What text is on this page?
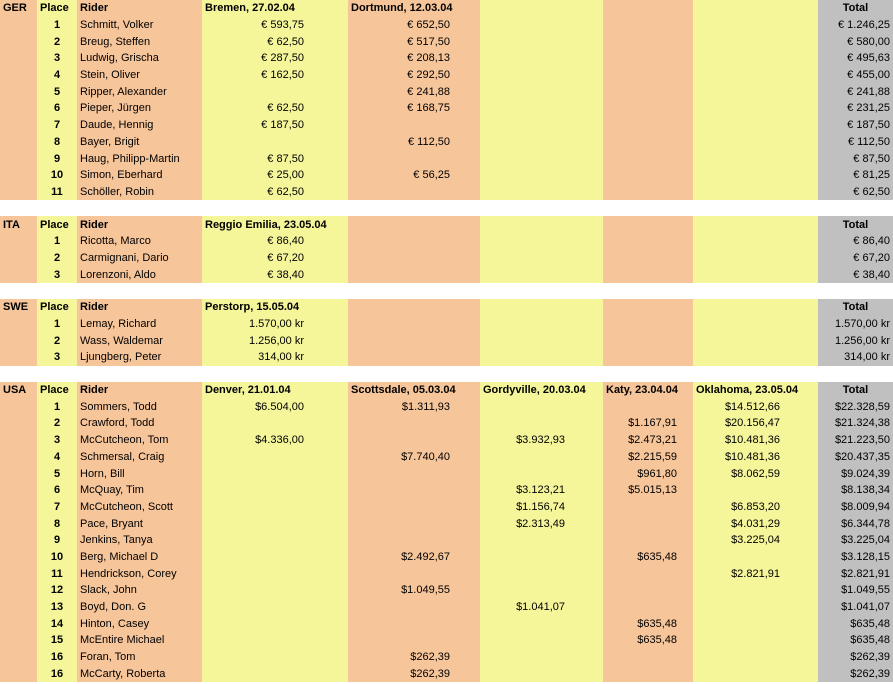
GER	Place	Rider	Bremen, 27.02.04	Dortmund, 12.03.04				Total
	1	Schmitt, Volker	€ 593,75	€ 652,50				€ 1.246,25
	2	Breug, Steffen	€ 62,50	€ 517,50				€ 580,00
	3	Ludwig, Grischa	€ 287,50	€ 208,13				€ 495,63
	4	Stein, Oliver	€ 162,50	€ 292,50				€ 455,00
	5	Ripper, Alexander		€ 241,88				€ 241,88
	6	Pieper, Jürgen	€ 62,50	€ 168,75				€ 231,25
	7	Daude, Hennig	€ 187,50					€ 187,50
	8	Bayer, Brigit		€ 112,50				€ 112,50
	9	Haug, Philipp-Martin	€ 87,50					€ 87,50
	10	Simon, Eberhard	€ 25,00	€ 56,25				€ 81,25
	11	Schöller, Robin	€ 62,50					€ 62,50

ITA	Place	Rider	Reggio Emilia, 23.05.04					Total
	1	Ricotta, Marco	€ 86,40					€ 86,40
	2	Carmignani, Dario	€ 67,20					€ 67,20
	3	Lorenzoni, Aldo	€ 38,40					€ 38,40

SWE	Place	Rider	Perstorp, 15.05.04					Total
	1	Lemay, Richard	1.570,00 kr					1.570,00 kr
	2	Wass, Waldemar	1.256,00 kr					1.256,00 kr
	3	Ljungberg, Peter	314,00 kr					314,00 kr

USA	Place	Rider	Denver, 21.01.04	Scottsdale, 05.03.04	Gordyville, 20.03.04	Katy, 23.04.04	Oklahoma, 23.05.04	Total
	1	Sommers, Todd	$6.504,00	$1.311,93			$14.512,66	$22.328,59
	2	Crawford, Todd				$1.167,91	$20.156,47	$21.324,38
	3	McCutcheon, Tom	$4.336,00		$3.932,93	$2.473,21	$10.481,36	$21.223,50
	4	Schmersal, Craig		$7.740,40		$2.215,59	$10.481,36	$20.437,35
	5	Horn, Bill				$961,80	$8.062,59	$9.024,39
	6	McQuay, Tim			$3.123,21	$5.015,13		$8.138,34
	7	McCutcheon, Scott			$1.156,74		$6.853,20	$8.009,94
	8	Pace, Bryant			$2.313,49		$4.031,29	$6.344,78
	9	Jenkins, Tanya					$3.225,04	$3.225,04
	10	Berg, Michael D		$2.492,67		$635,48		$3.128,15
	11	Hendrickson, Corey					$2.821,91	$2.821,91
	12	Slack, John		$1.049,55				$1.049,55
	13	Boyd, Don. G			$1.041,07			$1.041,07
	14	Hinton, Casey				$635,48		$635,48
	15	McEntire Michael				$635,48		$635,48
	16	Foran, Tom		$262,39				$262,39
	16	McCarty, Roberta		$262,39				$262,39
